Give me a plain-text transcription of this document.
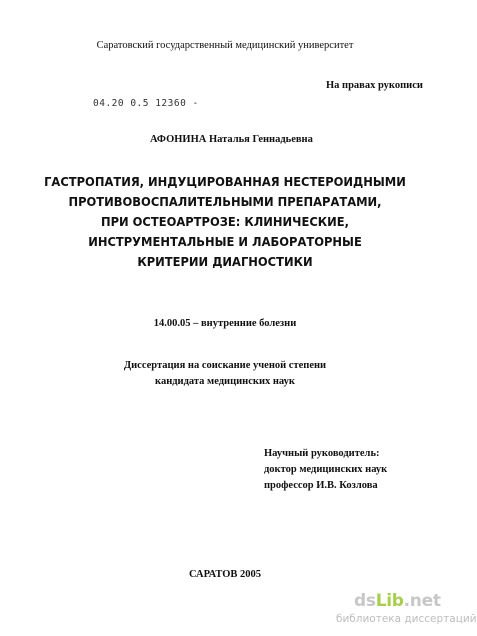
Саратовский государственный медицинский университет
На правах рукописи
04.20 0.5 12360 -
АФОНИНА Наталья Геннадьевна
ГАСТРОПАТИЯ, ИНДУЦИРОВАННАЯ НЕСТЕРОИДНЫМИ
ПРОТИВОВОСПАЛИТЕЛЬНЫМИ ПРЕПАРАТАМИ,
ПРИ ОСТЕОАРТРОЗЕ: КЛИНИЧЕСКИЕ,
ИНСТРУМЕНТАЛЬНЫЕ И ЛАБОРАТОРНЫЕ
КРИТЕРИИ ДИАГНОСТИКИ
14.00.05 – внутренние болезни
Диссертация на соискание ученой степени
кандидата медицинских наук
Научный руководитель:
доктор медицинских наук
профессор И.В. Козлова
САРАТОВ 2005
dsLib.net
библиотека диссертаций
